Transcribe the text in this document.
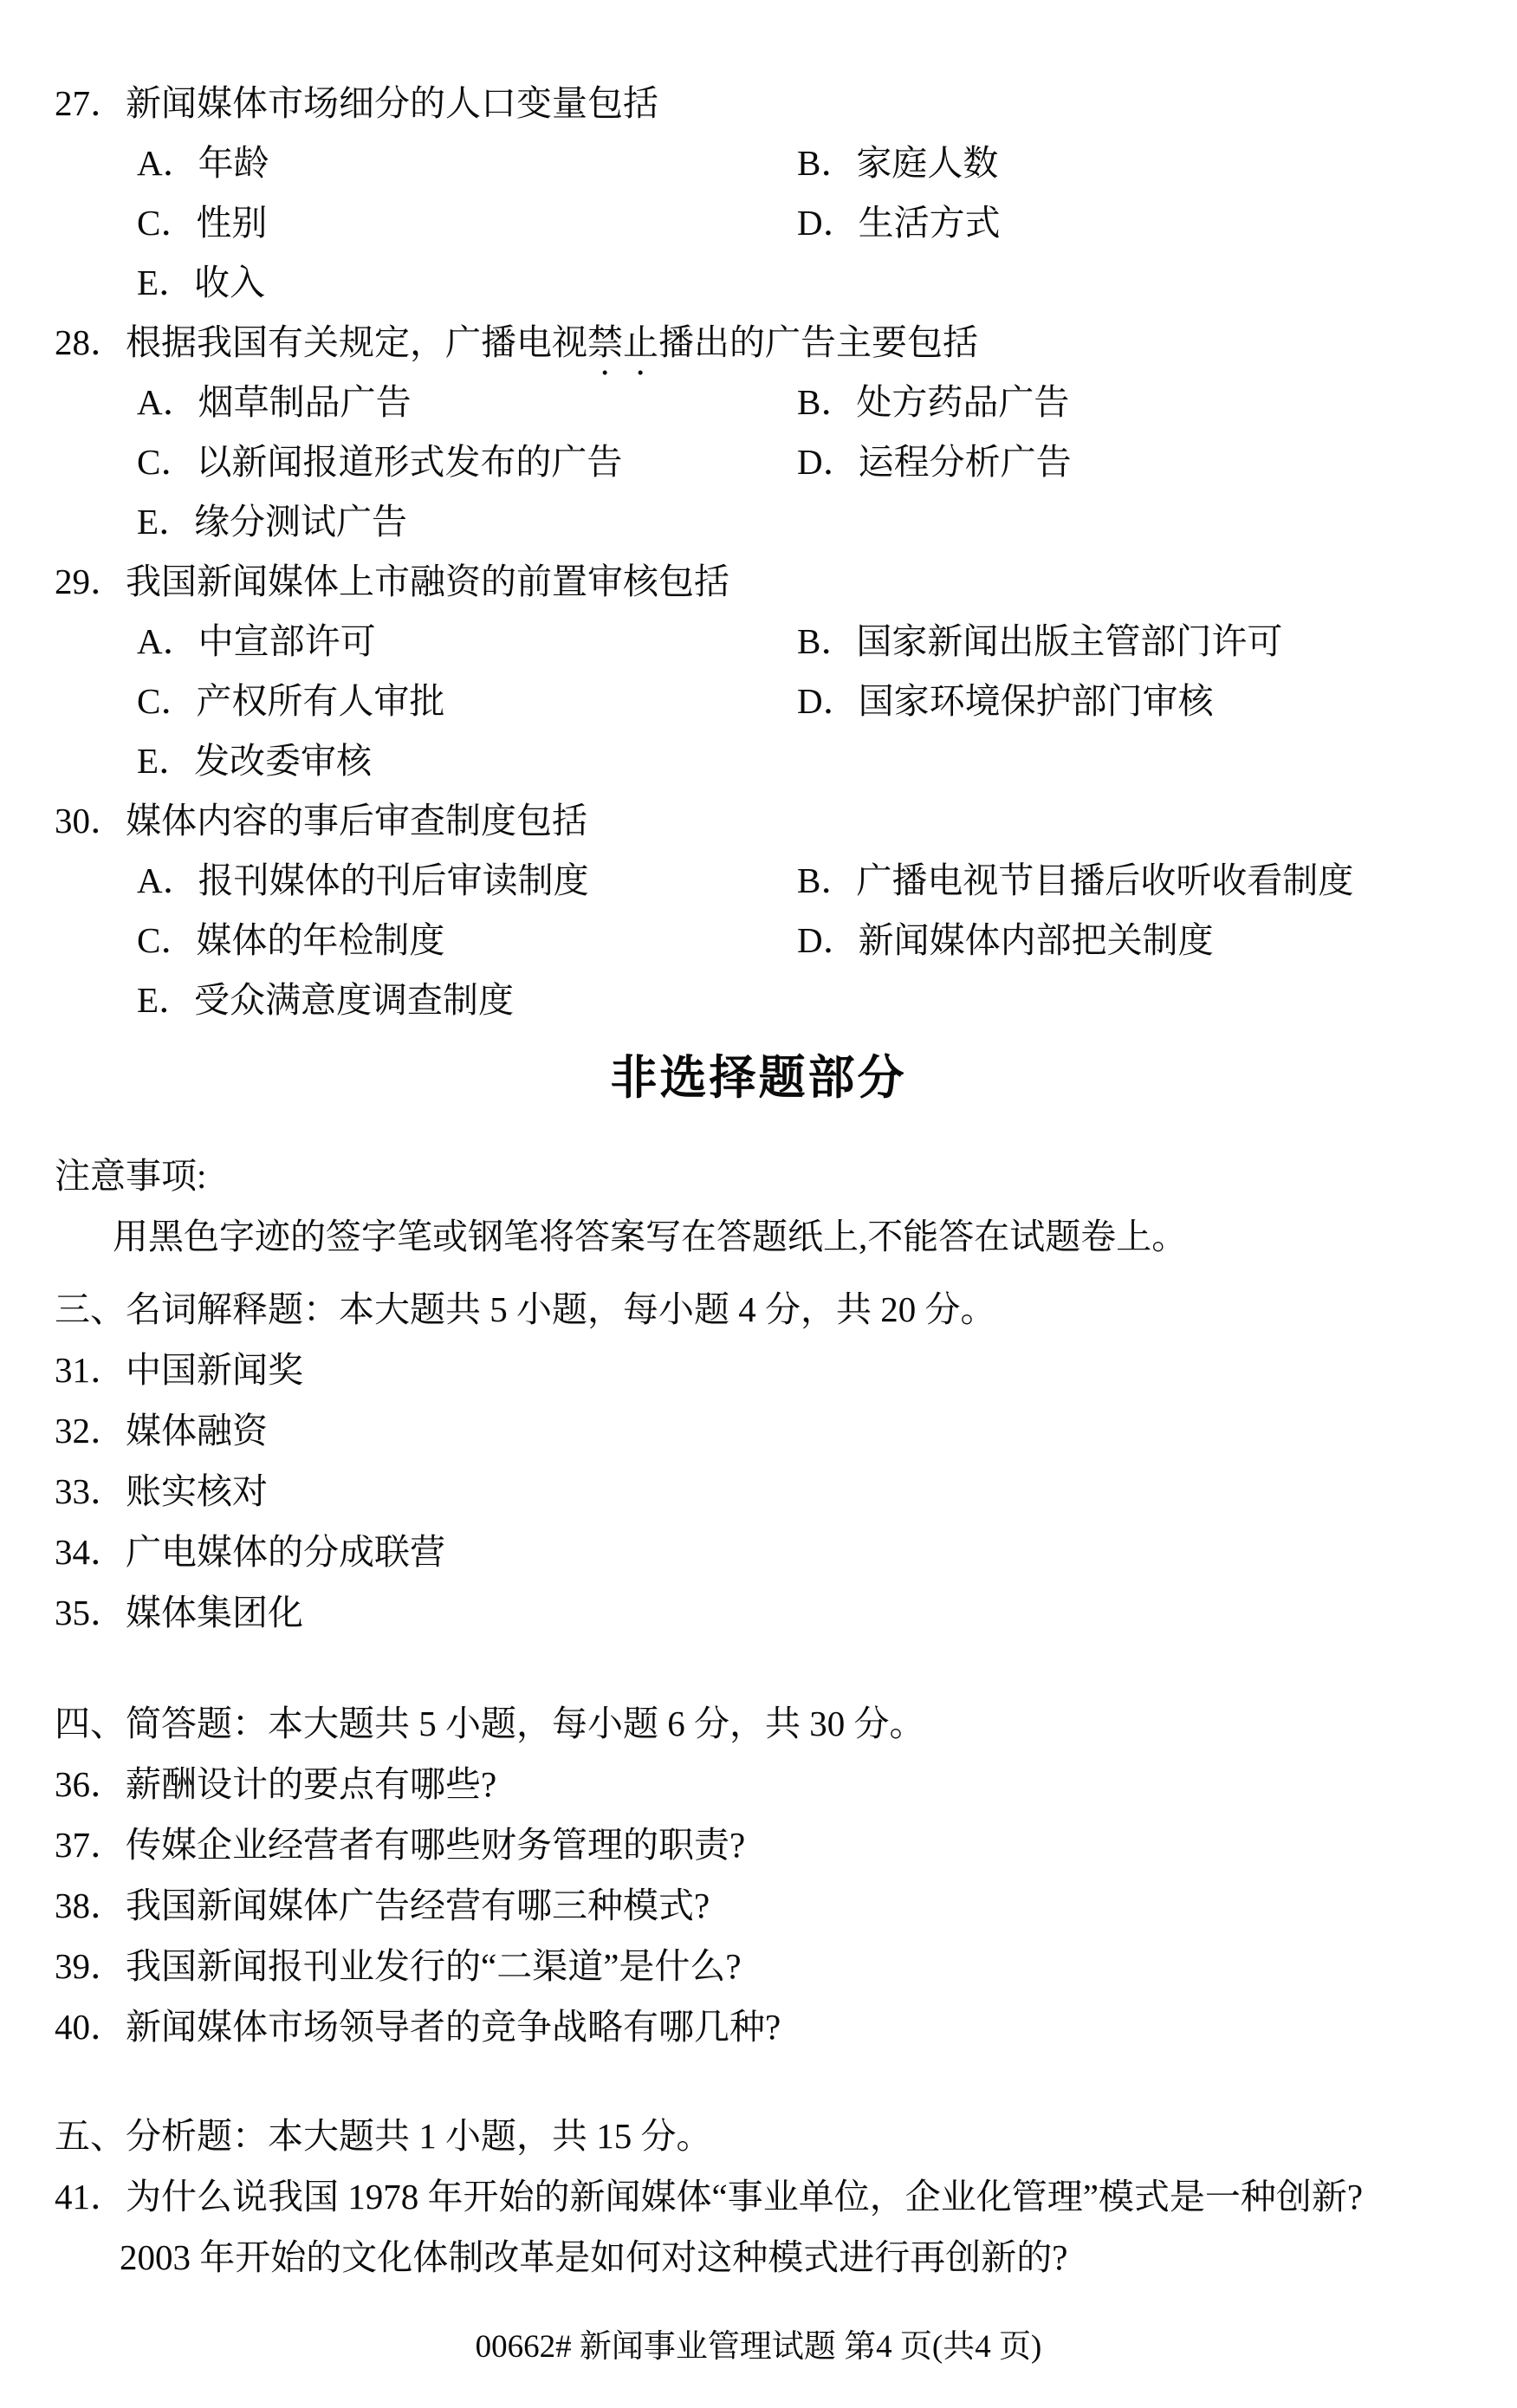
27．新闻媒体市场细分的人口变量包括
A．年龄	B．家庭人数
C．性别	D．生活方式
E．收入
28．根据我国有关规定，广播电视禁止播出的广告主要包括
A．烟草制品广告	B．处方药品广告
C．以新闻报道形式发布的广告	D．运程分析广告
E．缘分测试广告
29．我国新闻媒体上市融资的前置审核包括
A．中宣部许可	B．国家新闻出版主管部门许可
C．产权所有人审批	D．国家环境保护部门审核
E．发改委审核
30．媒体内容的事后审查制度包括
A．报刊媒体的刊后审读制度	B．广播电视节目播后收听收看制度
C．媒体的年检制度	D．新闻媒体内部把关制度
E．受众满意度调查制度
非选择题部分
注意事项:
用黑色字迹的签字笔或钢笔将答案写在答题纸上,不能答在试题卷上。
三、名词解释题：本大题共 5 小题，每小题 4 分，共 20 分。
31．中国新闻奖
32．媒体融资
33．账实核对
34．广电媒体的分成联营
35．媒体集团化
四、简答题：本大题共 5 小题，每小题 6 分，共 30 分。
36．薪酬设计的要点有哪些?
37．传媒企业经营者有哪些财务管理的职责?
38．我国新闻媒体广告经营有哪三种模式?
39．我国新闻报刊业发行的“二渠道”是什么?
40．新闻媒体市场领导者的竞争战略有哪几种?
五、分析题：本大题共 1 小题，共 15 分。
41．为什么说我国 1978 年开始的新闻媒体“事业单位，企业化管理”模式是一种创新?
2003 年开始的文化体制改革是如何对这种模式进行再创新的?
00662# 新闻事业管理试题 第4 页(共4 页)
